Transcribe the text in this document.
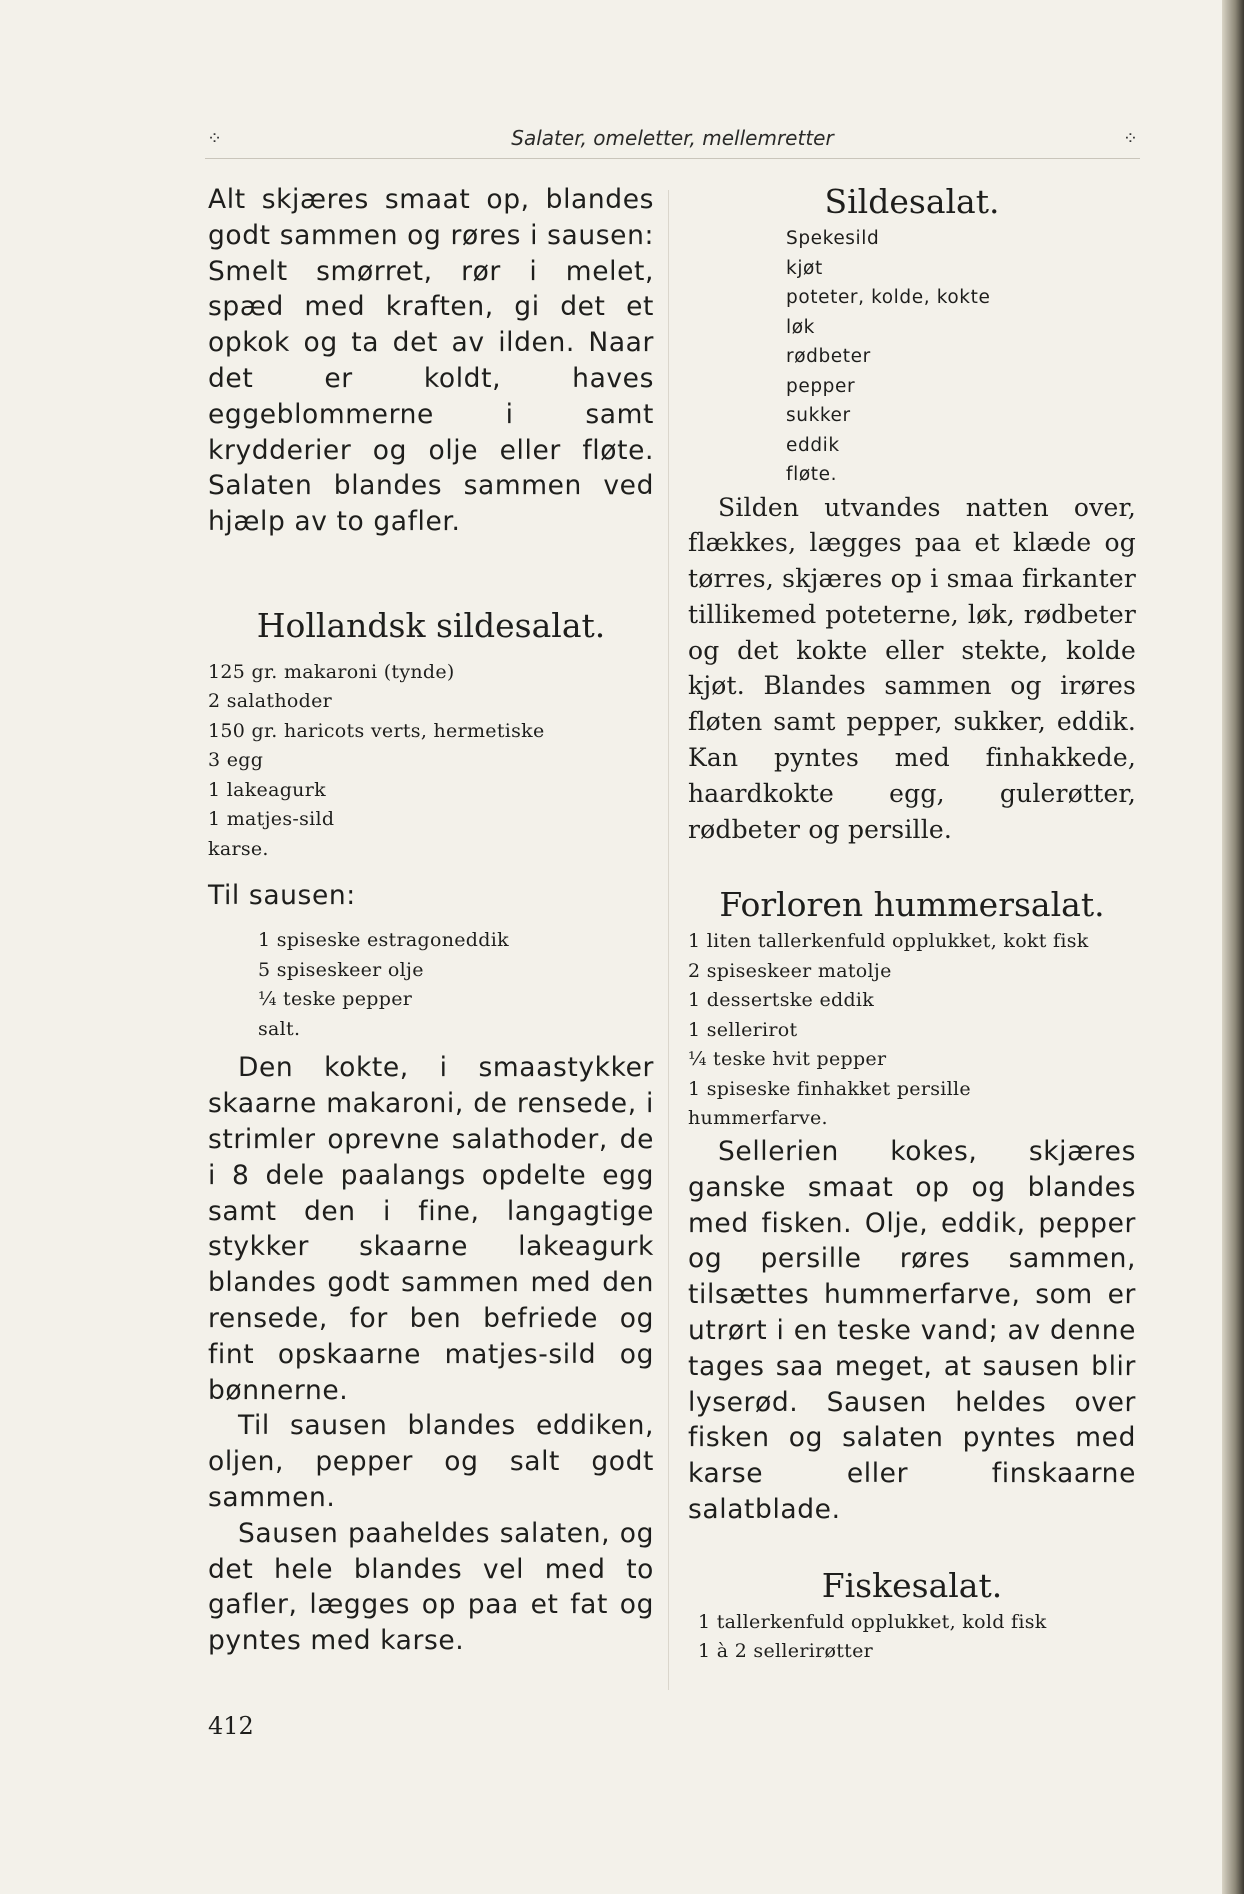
⁘	Salater, omeletter, mellemretter	⁘

Alt skjæres smaat op, blandes godt sammen og røres i sausen: Smelt smørret, rør i melet, spæd med kraften, gi det et opkok og ta det av ilden. Naar det er koldt, haves eggeblommerne i samt krydderier og olje eller fløte. Salaten blandes sammen ved hjælp av to gafler.

Hollandsk sildesalat.
125 gr. makaroni (tynde)
2 salathoder
150 gr. haricots verts, hermetiske
3 egg
1 lakeagurk
1 matjes-sild
karse.

Til sausen:

1 spiseske estragoneddik
5 spiseskeer olje
¼ teske pepper
salt.

Den kokte, i smaastykker skaarne makaroni, de rensede, i strimler oprevne salathoder, de i 8 dele paalangs opdelte egg samt den i fine, langagtige stykker skaarne lakeagurk blandes godt sammen med den rensede, for ben befriede og fint opskaarne matjes-sild og bønnerne.

Til sausen blandes eddiken, oljen, pepper og salt godt sammen.

Sausen paaheldes salaten, og det hele blandes vel med to gafler, lægges op paa et fat og pyntes med karse.

Sildesalat.
Spekesild
kjøt
poteter, kolde, kokte
løk
rødbeter
pepper
sukker
eddik
fløte.

Silden utvandes natten over, flækkes, lægges paa et klæde og tørres, skjæres op i smaa firkanter tillikemed poteterne, løk, rødbeter og det kokte eller stekte, kolde kjøt. Blandes sammen og irøres fløten samt pepper, sukker, eddik. Kan pyntes med finhakkede, haardkokte egg, gulerøtter, rødbeter og persille.

Forloren hummersalat.
1 liten tallerkenfuld opplukket, kokt fisk
2 spiseskeer matolje
1 dessertske eddik
1 sellerirot
¼ teske hvit pepper
1 spiseske finhakket persille
hummerfarve.

Sellerien kokes, skjæres ganske smaat op og blandes med fisken. Olje, eddik, pepper og persille røres sammen, tilsættes hummerfarve, som er utrørt i en teske vand; av denne tages saa meget, at sausen blir lyserød. Sausen heldes over fisken og salaten pyntes med karse eller finskaarne salatblade.

Fiskesalat.
1 tallerkenfuld opplukket, kold fisk
1 à 2 sellerirøtter
412
